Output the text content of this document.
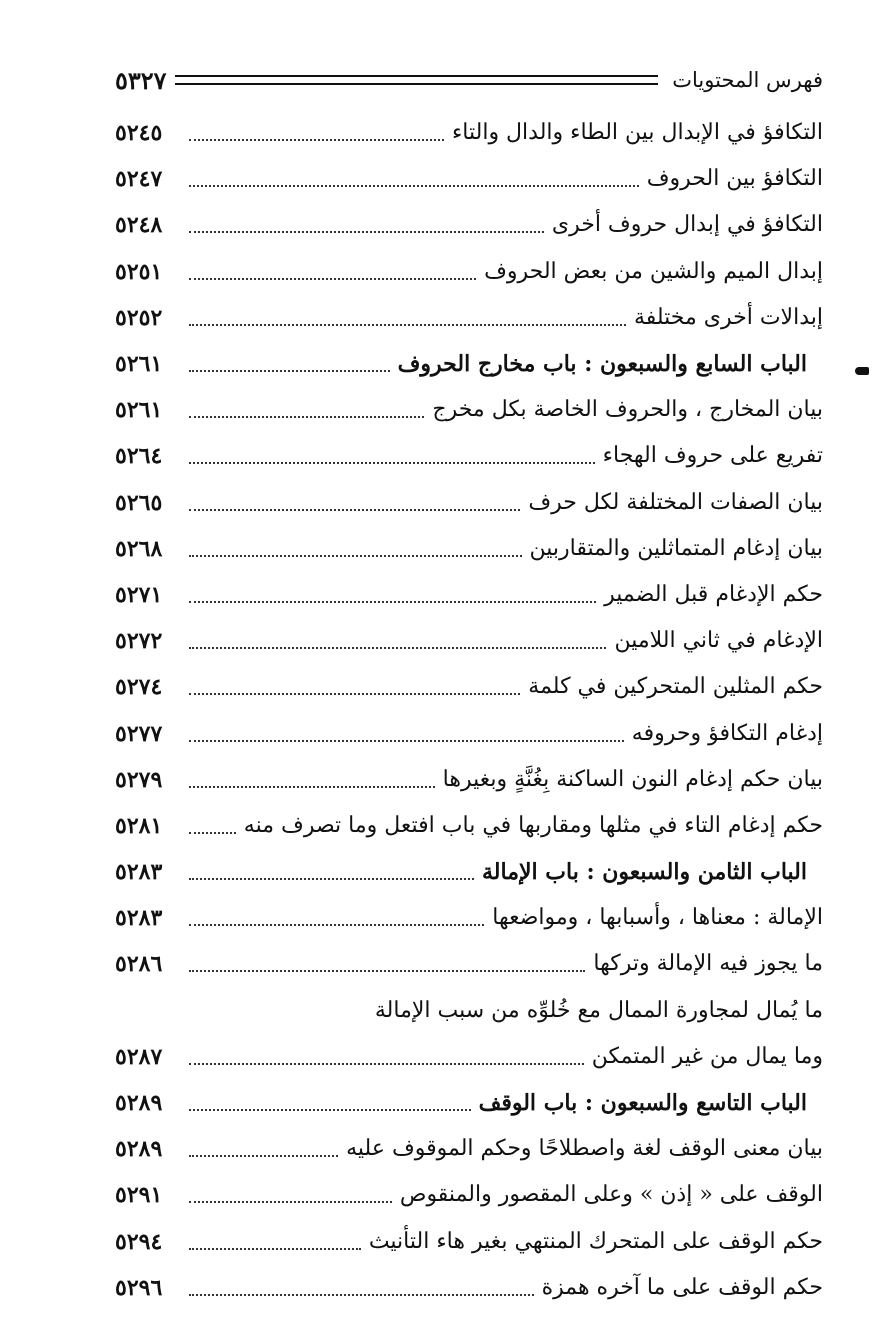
فهرس المحتويات
٥٣٢٧
التكافؤ في الإبدال بين الطاء والدال والتاء
٥٢٤٥
التكافؤ بين الحروف
٥٢٤٧
التكافؤ في إبدال حروف أخرى
٥٢٤٨
إبدال الميم والشين من بعض الحروف
٥٢٥١
إبدالات أخرى مختلفة
٥٢٥٢
الباب السابع والسبعون : باب مخارج الحروف
٥٢٦١
بيان المخارج ، والحروف الخاصة بكل مخرج
٥٢٦١
تفريع على حروف الهجاء
٥٢٦٤
بيان الصفات المختلفة لكل حرف
٥٢٦٥
بيان إدغام المتماثلين والمتقاربين
٥٢٦٨
حكم الإدغام قبل الضمير
٥٢٧١
الإدغام في ثاني اللامين
٥٢٧٢
حكم المثلين المتحركين في كلمة
٥٢٧٤
إدغام التكافؤ وحروفه
٥٢٧٧
بيان حكم إدغام النون الساكنة بِغُنَّةٍ وبغيرها
٥٢٧٩
حكم إدغام التاء في مثلها ومقاربها في باب افتعل وما تصرف منه
٥٢٨١
الباب الثامن والسبعون : باب الإمالة
٥٢٨٣
الإمالة : معناها ، وأسبابها ، ومواضعها
٥٢٨٣
ما يجوز فيه الإمالة وتركها
٥٢٨٦
ما يُمال لمجاورة الممال مع خُلوِّه من سبب الإمالة
وما يمال من غير المتمكن
٥٢٨٧
الباب التاسع والسبعون : باب الوقف
٥٢٨٩
بيان معنى الوقف لغة واصطلاحًا وحكم الموقوف عليه
٥٢٨٩
الوقف على « إذن » وعلى المقصور والمنقوص
٥٢٩١
حكم الوقف على المتحرك المنتهي بغير هاء التأنيث
٥٢٩٤
حكم الوقف على ما آخره همزة
٥٢٩٦
